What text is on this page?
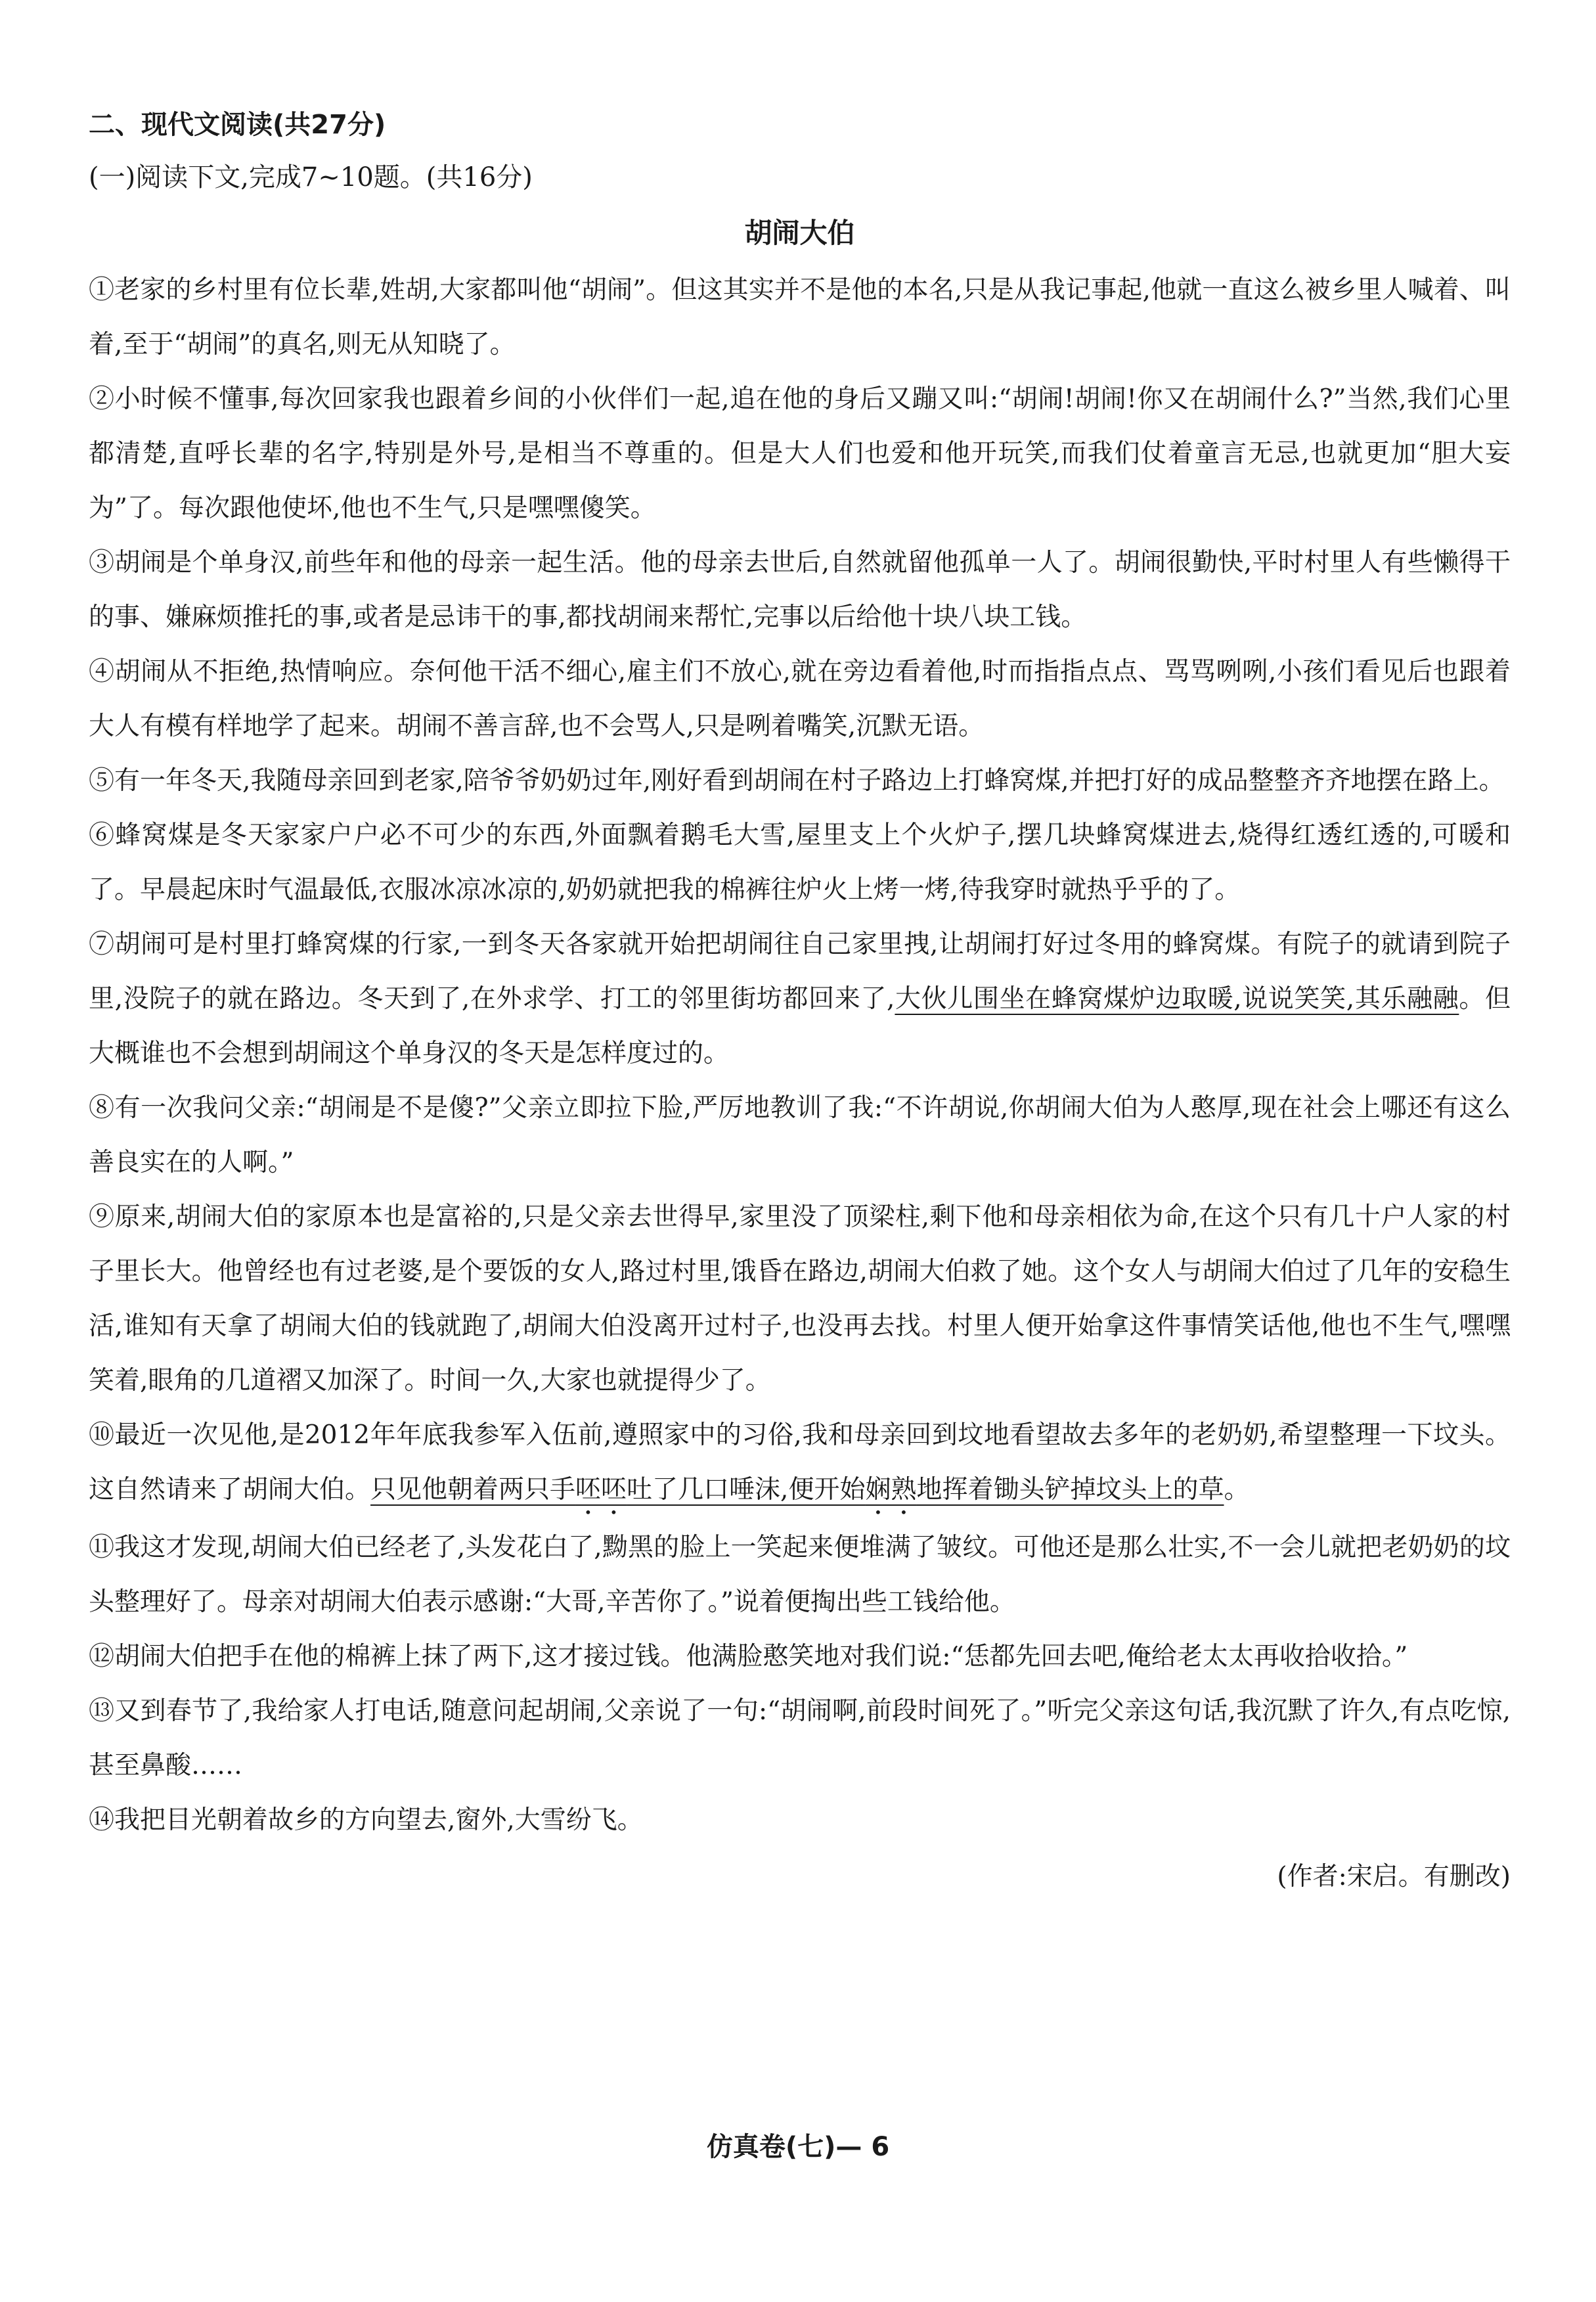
二、现代文阅读(共27分)

(一)阅读下文,完成7~10题。(共16分)

胡闹大伯

①老家的乡村里有位长辈,姓胡,大家都叫他“胡闹”。但这其实并不是他的本名,只是从我记事起,他就一直这么被乡里人喊着、叫着,至于“胡闹”的真名,则无从知晓了。

②小时候不懂事,每次回家我也跟着乡间的小伙伴们一起,追在他的身后又蹦又叫:“胡闹!胡闹!你又在胡闹什么?”当然,我们心里都清楚,直呼长辈的名字,特别是外号,是相当不尊重的。但是大人们也爱和他开玩笑,而我们仗着童言无忌,也就更加“胆大妄为”了。每次跟他使坏,他也不生气,只是嘿嘿傻笑。

③胡闹是个单身汉,前些年和他的母亲一起生活。他的母亲去世后,自然就留他孤单一人了。胡闹很勤快,平时村里人有些懒得干的事、嫌麻烦推托的事,或者是忌讳干的事,都找胡闹来帮忙,完事以后给他十块八块工钱。

④胡闹从不拒绝,热情响应。奈何他干活不细心,雇主们不放心,就在旁边看着他,时而指指点点、骂骂咧咧,小孩们看见后也跟着大人有模有样地学了起来。胡闹不善言辞,也不会骂人,只是咧着嘴笑,沉默无语。

⑤有一年冬天,我随母亲回到老家,陪爷爷奶奶过年,刚好看到胡闹在村子路边上打蜂窝煤,并把打好的成品整整齐齐地摆在路上。

⑥蜂窝煤是冬天家家户户必不可少的东西,外面飘着鹅毛大雪,屋里支上个火炉子,摆几块蜂窝煤进去,烧得红透红透的,可暖和了。早晨起床时气温最低,衣服冰凉冰凉的,奶奶就把我的棉裤往炉火上烤一烤,待我穿时就热乎乎的了。

⑦胡闹可是村里打蜂窝煤的行家,一到冬天各家就开始把胡闹往自己家里拽,让胡闹打好过冬用的蜂窝煤。有院子的就请到院子里,没院子的就在路边。冬天到了,在外求学、打工的邻里街坊都回来了,大伙儿围坐在蜂窝煤炉边取暖,说说笑笑,其乐融融。但大概谁也不会想到胡闹这个单身汉的冬天是怎样度过的。

⑧有一次我问父亲:“胡闹是不是傻?”父亲立即拉下脸,严厉地教训了我:“不许胡说,你胡闹大伯为人憨厚,现在社会上哪还有这么善良实在的人啊。”

⑨原来,胡闹大伯的家原本也是富裕的,只是父亲去世得早,家里没了顶梁柱,剩下他和母亲相依为命,在这个只有几十户人家的村子里长大。他曾经也有过老婆,是个要饭的女人,路过村里,饿昏在路边,胡闹大伯救了她。这个女人与胡闹大伯过了几年的安稳生活,谁知有天拿了胡闹大伯的钱就跑了,胡闹大伯没离开过村子,也没再去找。村里人便开始拿这件事情笑话他,他也不生气,嘿嘿笑着,眼角的几道褶又加深了。时间一久,大家也就提得少了。

⑩最近一次见他,是2012年年底我参军入伍前,遵照家中的习俗,我和母亲回到坟地看望故去多年的老奶奶,希望整理一下坟头。这自然请来了胡闹大伯。只见他朝着两只手呸呸吐了几口唾沫,便开始娴熟地挥着锄头铲掉坟头上的草。

⑪我这才发现,胡闹大伯已经老了,头发花白了,黝黑的脸上一笑起来便堆满了皱纹。可他还是那么壮实,不一会儿就把老奶奶的坟头整理好了。母亲对胡闹大伯表示感谢:“大哥,辛苦你了。”说着便掏出些工钱给他。

⑫胡闹大伯把手在他的棉裤上抹了两下,这才接过钱。他满脸憨笑地对我们说:“恁都先回去吧,俺给老太太再收拾收拾。”

⑬又到春节了,我给家人打电话,随意问起胡闹,父亲说了一句:“胡闹啊,前段时间死了。”听完父亲这句话,我沉默了许久,有点吃惊,甚至鼻酸……

⑭我把目光朝着故乡的方向望去,窗外,大雪纷飞。

(作者:宋启。有删改)

仿真卷(七)— 6
